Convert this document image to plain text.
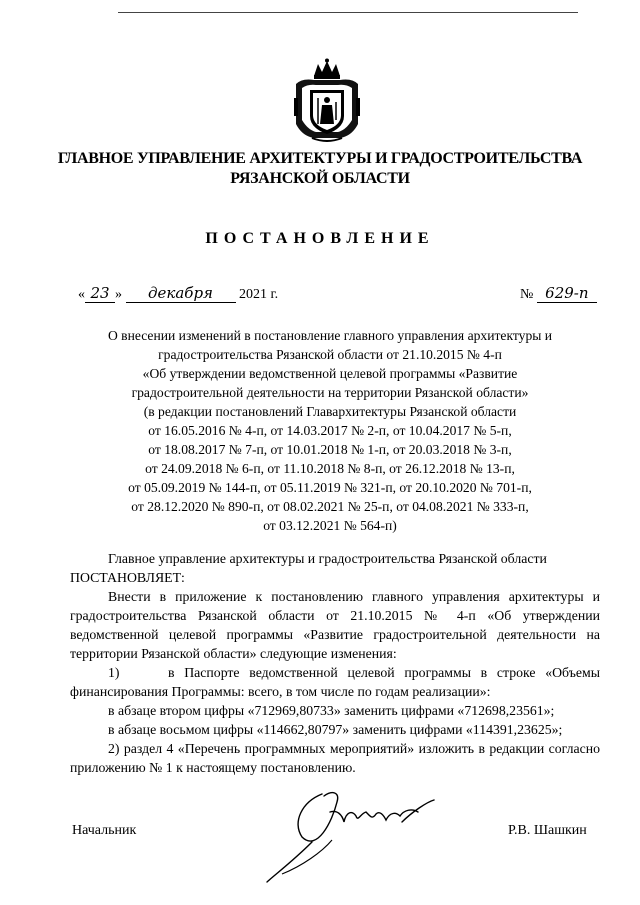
ГЛАВНОЕ УПРАВЛЕНИЕ АРХИТЕКТУРЫ И ГРАДОСТРОИТЕЛЬСТВА
РЯЗАНСКОЙ ОБЛАСТИ
ПОСТАНОВЛЕНИЕ
« 23 » декабря 2021 г.	№ 629-п
О внесении изменений в постановление главного управления архитектуры и
градостроительства Рязанской области от 21.10.2015 № 4-п
«Об утверждении ведомственной целевой программы «Развитие
градостроительной деятельности на территории Рязанской области»
(в редакции постановлений Главархитектуры Рязанской области
от 16.05.2016 № 4-п, от 14.03.2017 № 2-п, от 10.04.2017 № 5-п,
от 18.08.2017 № 7-п, от 10.01.2018 № 1-п, от 20.03.2018 № 3-п,
от 24.09.2018 № 6-п, от 11.10.2018 № 8-п, от 26.12.2018 № 13-п,
от 05.09.2019 № 144-п, от 05.11.2019 № 321-п, от 20.10.2020 № 701-п,
от 28.12.2020 № 890-п, от 08.02.2021 № 25-п, от 04.08.2021 № 333-п,
от 03.12.2021 № 564-п)

Главное управление архитектуры и градостроительства Рязанской области

ПОСТАНОВЛЯЕТ:

Внести в приложение к постановлению главного управления архитектуры и градостроительства Рязанской области от 21.10.2015 № 4-п «Об утверждении ведомственной целевой программы «Развитие градостроительной деятельности на территории Рязанской области» следующие изменения:

1)     в Паспорте ведомственной целевой программы в строке «Объемы финансирования Программы: всего, в том числе по годам реализации»:

в абзаце втором цифры «712969,80733» заменить цифрами «712698,23561»;

в абзаце восьмом цифры «114662,80797» заменить цифрами «114391,23625»;

2) раздел 4 «Перечень программных мероприятий» изложить в редакции согласно приложению № 1 к настоящему постановлению.

Начальник	Р.В. Шашкин
